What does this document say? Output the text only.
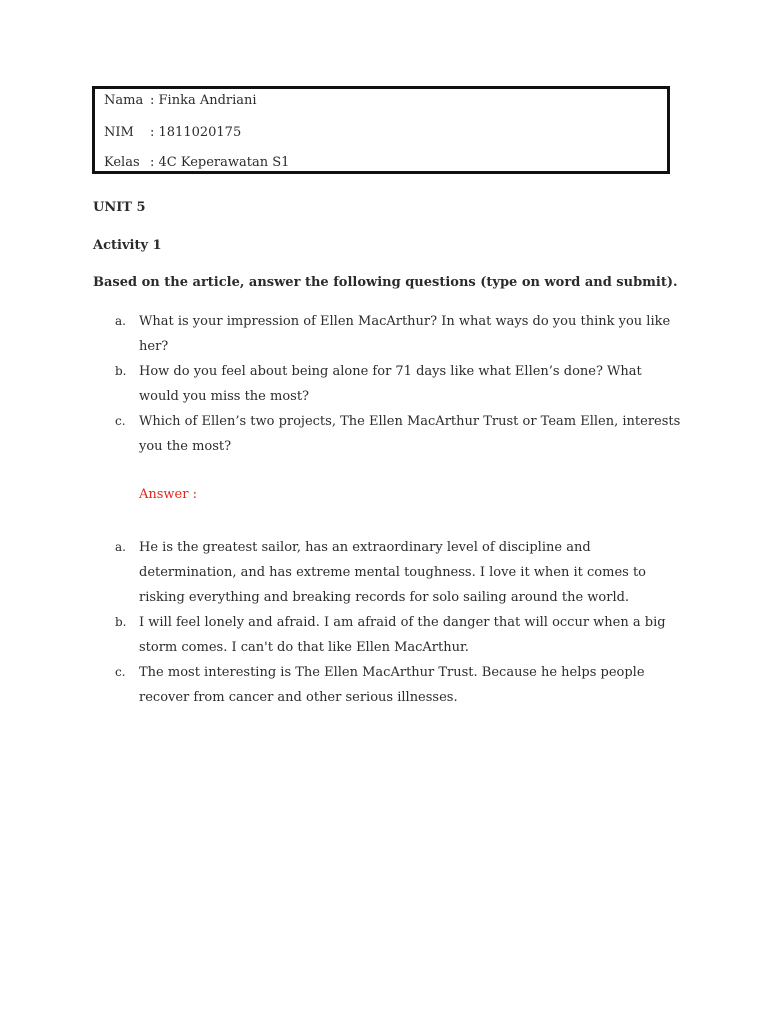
Nama : Finka Andriani
NIM : 1811020175
Kelas : 4C Keperawatan S1
UNIT 5
Activity 1
Based on the article, answer the following questions (type on word and submit).
a. What is your impression of Ellen MacArthur? In what ways do you think you like her?
b. How do you feel about being alone for 71 days like what Ellen’s done? What would you miss the most?
c. Which of Ellen’s two projects, The Ellen MacArthur Trust or Team Ellen, interests you the most?
Answer :
a. He is the greatest sailor, has an extraordinary level of discipline and determination, and has extreme mental toughness. I love it when it comes to risking everything and breaking records for solo sailing around the world.
b. I will feel lonely and afraid. I am afraid of the danger that will occur when a big storm comes. I can't do that like Ellen MacArthur.
c. The most interesting is The Ellen MacArthur Trust. Because he helps people recover from cancer and other serious illnesses.
